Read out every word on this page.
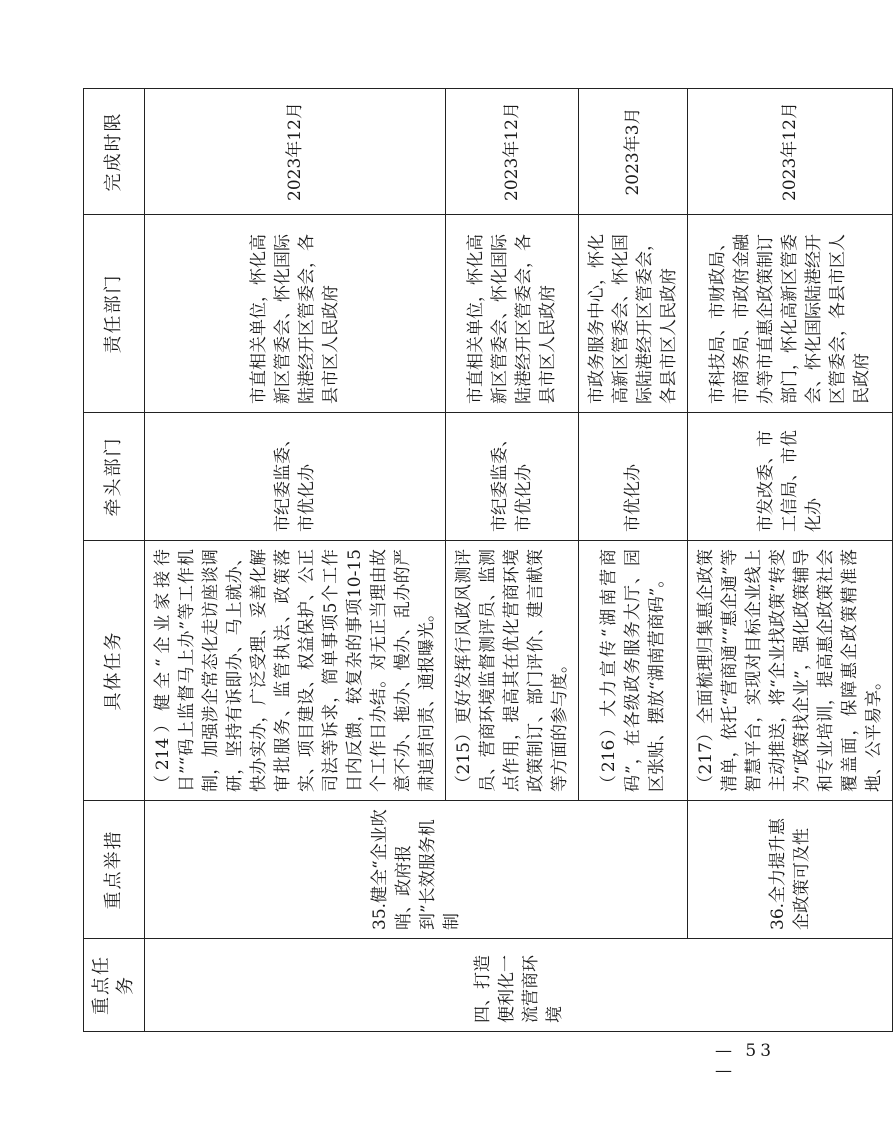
重点任务	重点举措	具体任务	牵头部门	责任部门	完成时限
四、打造便利化一流营商环境	35.健全“企业吹哨、政府报到”长效服务机制	（214）健全“企业家接待日”“码上监督马上办”等工作机制，加强涉企常态化走访座谈调研，坚持有诉即办、马上就办、快办实办，广泛受理、妥善化解审批服务、监管执法、政策落实、项目建设、权益保护、公正司法等诉求，简单事项5个工作日内反馈，较复杂的事项10-15个工作日办结。对无正当理由故意不办、拖办、慢办、乱办的严肃追责问责、通报曝光。	市纪委监委、市优化办	市直相关单位，怀化高新区管委会、怀化国际陆港经开区管委会，各县市区人民政府	2023年12月
		（215）更好发挥行风政风测评员、营商环境监督测评员、监测点作用，提高其在优化营商环境政策制订、部门评价、建言献策等方面的参与度。	市纪委监委、市优化办	市直相关单位，怀化高新区管委会、怀化国际陆港经开区管委会，各县市区人民政府	2023年12月
		（216）大力宣传“湖南营商码”，在各级政务服务大厅、园区张贴、摆放“湖南营商码”。	市优化办	市政务服务中心，怀化高新区管委会、怀化国际陆港经开区管委会，各县市区人民政府	2023年3月
	36.全力提升惠企政策可及性	（217）全面梳理归集惠企政策清单，依托“营商通”“惠企通”等智慧平台，实现对目标企业线上主动推送，将“企业找政策”转变为“政策找企业”，强化政策辅导和专业培训，提高惠企政策社会覆盖面，保障惠企政策精准落地、公平易享。	市发改委、市工信局、市优化办	市科技局、市财政局、市商务局、市政府金融办等市直惠企政策制订部门，怀化高新区管委会、怀化国际陆港经开区管委会，各县市区人民政府	2023年12月
— 53 —
